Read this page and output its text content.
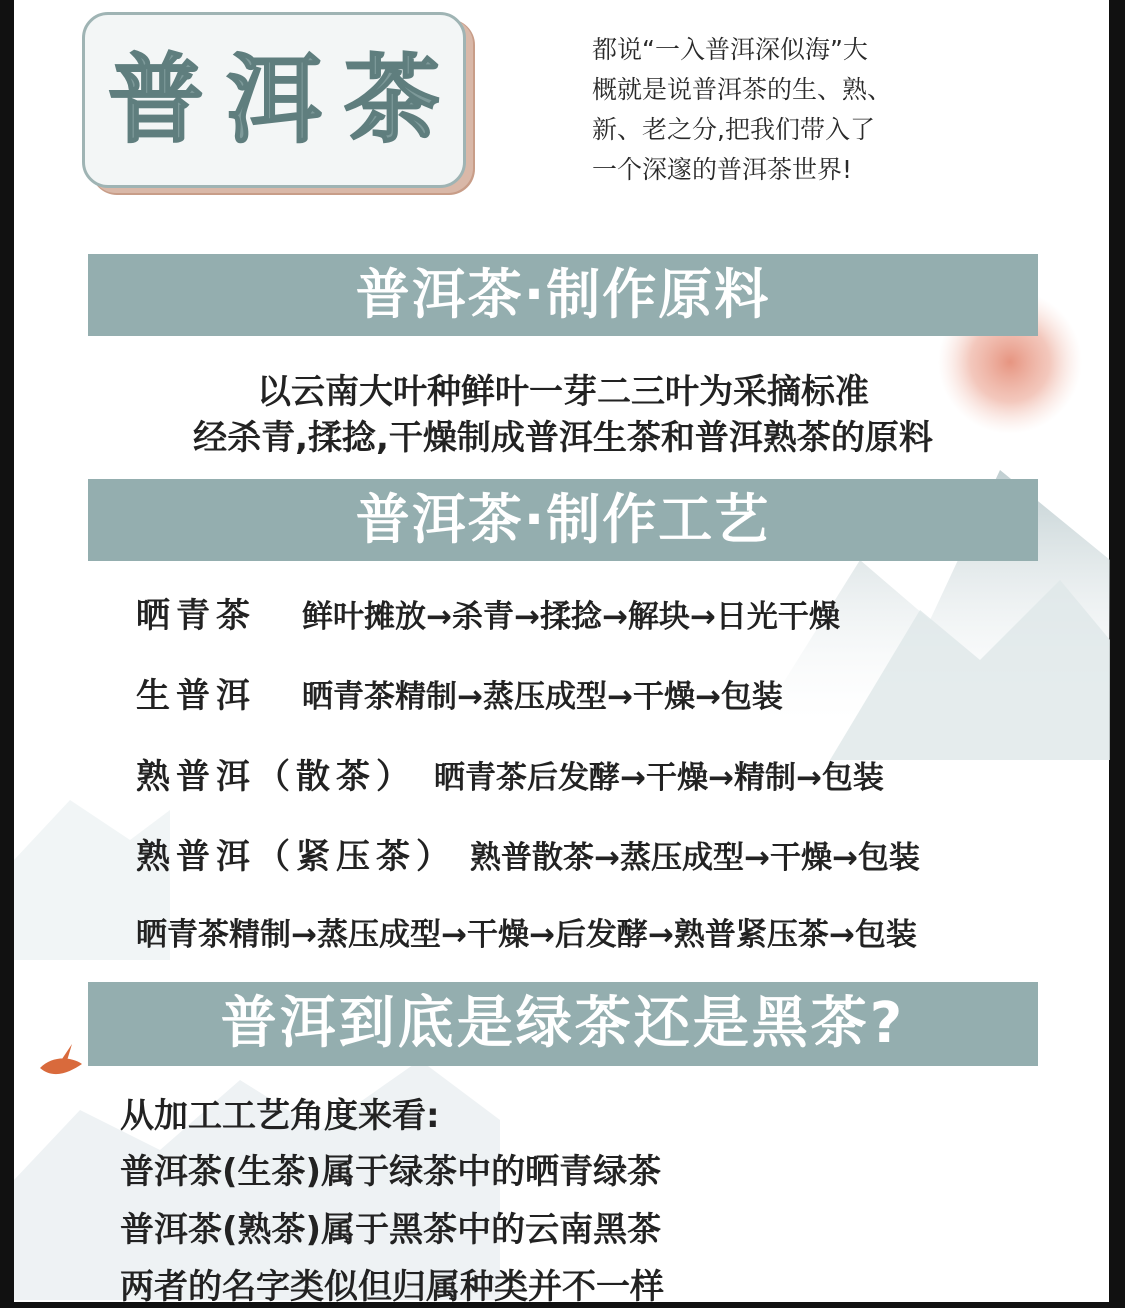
普洱茶	都说“一入普洱深似海”大
概就是说普洱茶的生、熟、
新、老之分,把我们带入了
一个深邃的普洱茶世界!
普洱茶·制作原料
以云南大叶种鲜叶一芽二三叶为采摘标准
经杀青,揉捻,干燥制成普洱生茶和普洱熟茶的原料
普洱茶·制作工艺
晒青茶 鲜叶摊放→杀青→揉捻→解块→日光干燥
生普洱 晒青茶精制→蒸压成型→干燥→包装
熟普洱（散茶） 晒青茶后发酵→干燥→精制→包装
熟普洱（紧压茶） 熟普散茶→蒸压成型→干燥→包装
晒青茶精制→蒸压成型→干燥→后发酵→熟普紧压茶→包装
普洱到底是绿茶还是黑茶?
从加工工艺角度来看:
普洱茶(生茶)属于绿茶中的晒青绿茶
普洱茶(熟茶)属于黑茶中的云南黑茶
两者的名字类似但归属种类并不一样
